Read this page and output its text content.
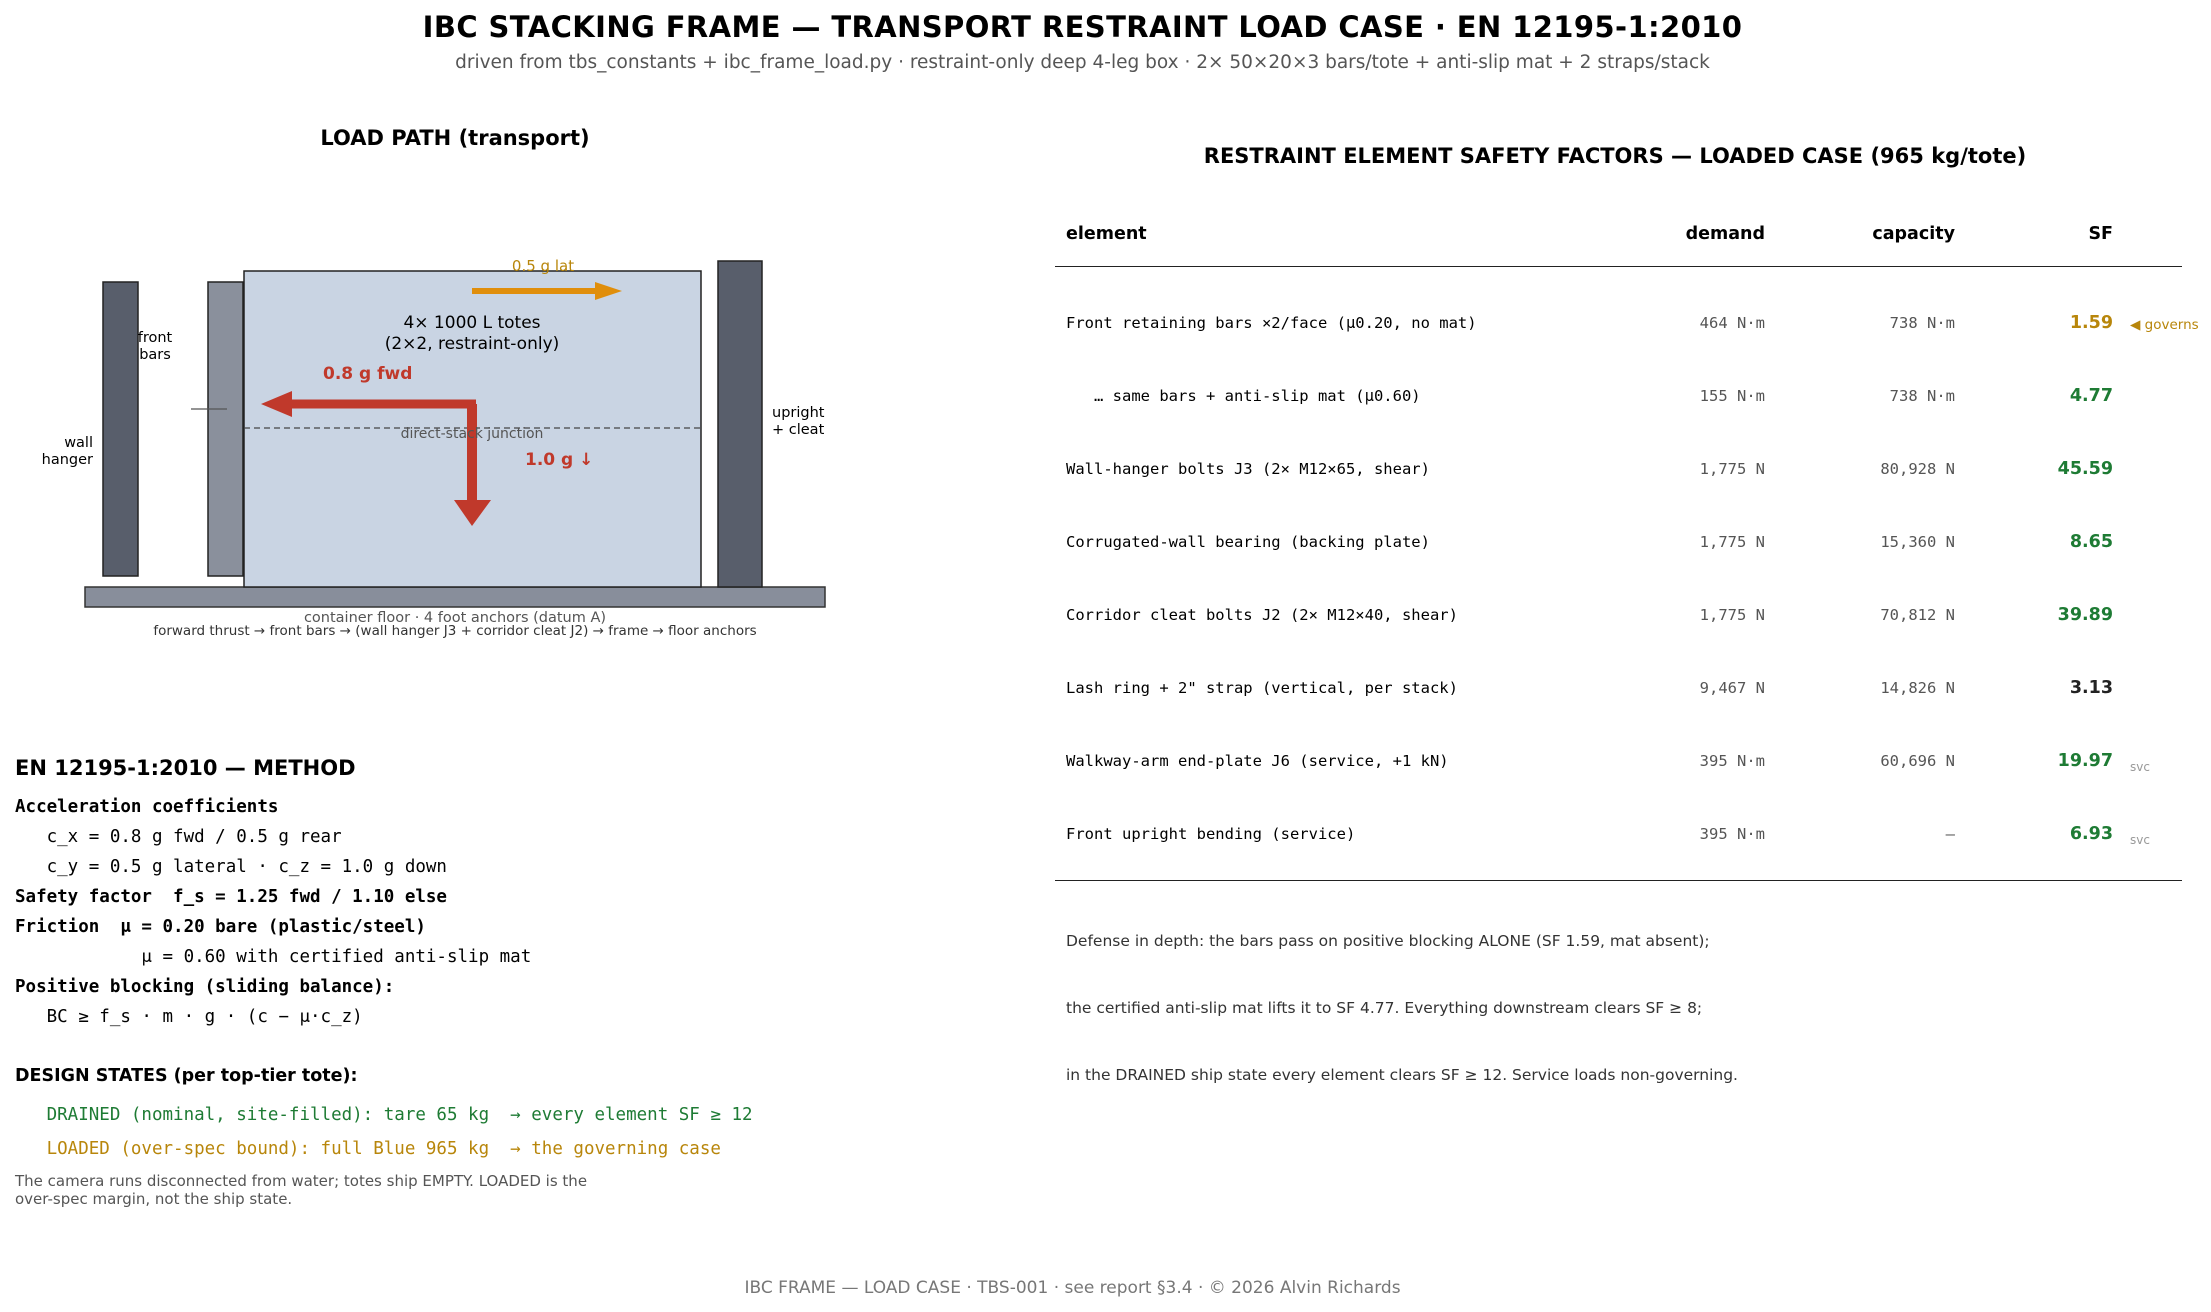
IBC STACKING FRAME — TRANSPORT RESTRAINT LOAD CASE · EN 12195-1:2010
driven from tbs_constants + ibc_frame_load.py · restraint-only deep 4-leg box · 2× 50×20×3 bars/tote + anti-slip mat + 2 straps/stack
LOAD PATH (transport)
0.5 g lat
4× 1000 L totes
(2×2, restraint-only)
0.8 g fwd
1.0 g ↓
direct-stack junction
front
bars
wall
hanger
upright
+ cleat
container floor · 4 foot anchors (datum A)
forward thrust → front bars → (wall hanger J3 + corridor cleat J2) → frame → floor anchors
EN 12195-1:2010 — METHOD
Acceleration coefficients
c_x = 0.8 g fwd / 0.5 g rear
c_y = 0.5 g lateral · c_z = 1.0 g down
Safety factor  f_s = 1.25 fwd / 1.10 else
Friction  μ = 0.20 bare (plastic/steel)
μ = 0.60 with certified anti-slip mat
Positive blocking (sliding balance):
BC ≥ f_s · m · g · (c − μ·c_z)
DESIGN STATES (per top-tier tote):
DRAINED (nominal, site-filled): tare 65 kg  → every element SF ≥ 12
LOADED (over-spec bound): full Blue 965 kg  → the governing case
The camera runs disconnected from water; totes ship EMPTY. LOADED is the
over-spec margin, not the ship state.
RESTRAINT ELEMENT SAFETY FACTORS — LOADED CASE (965 kg/tote)
element	demand	capacity	SF
Front retaining bars ×2/face (μ0.20, no mat)	464 N·m	738 N·m	1.59 ◀ governs
… same bars + anti-slip mat (μ0.60)	155 N·m	738 N·m	4.77
Wall-hanger bolts J3 (2× M12×65, shear)	1,775 N	80,928 N	45.59
Corrugated-wall bearing (backing plate)	1,775 N	15,360 N	8.65
Corridor cleat bolts J2 (2× M12×40, shear)	1,775 N	70,812 N	39.89
Lash ring + 2" strap (vertical, per stack)	9,467 N	14,826 N	3.13
Walkway-arm end-plate J6 (service, +1 kN)	395 N·m	60,696 N	19.97 svc
Front upright bending (service)	395 N·m	–	6.93 svc
Defense in depth: the bars pass on positive blocking ALONE (SF 1.59, mat absent);
the certified anti-slip mat lifts it to SF 4.77. Everything downstream clears SF ≥ 8;
in the DRAINED ship state every element clears SF ≥ 12. Service loads non-governing.
IBC FRAME — LOAD CASE · TBS-001 · see report §3.4 · © 2026 Alvin Richards
